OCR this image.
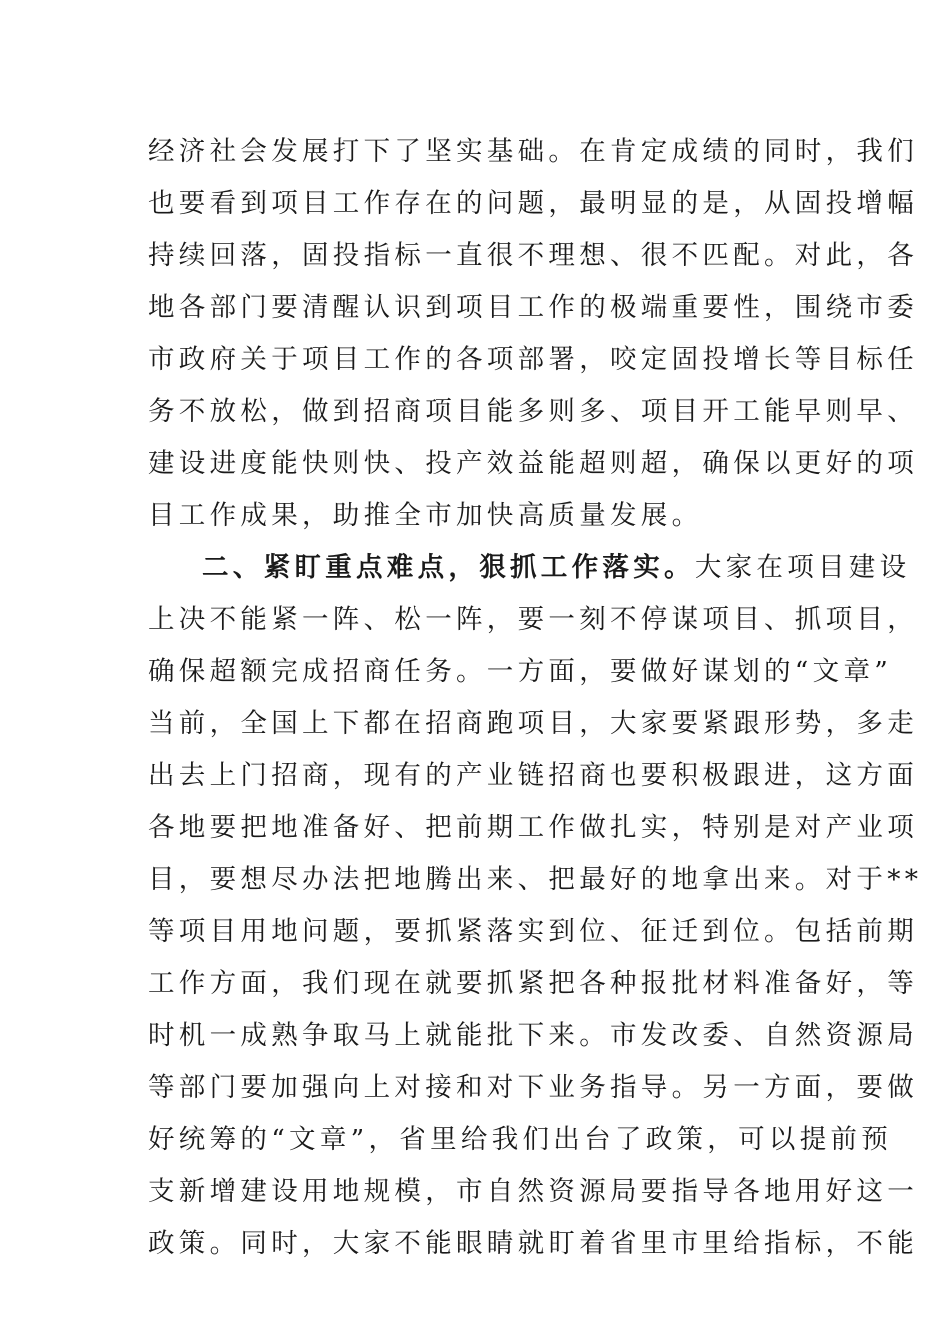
经济社会发展打下了坚实基础。在肯定成绩的同时，我们
也要看到项目工作存在的问题，最明显的是，从固投增幅
持续回落，固投指标一直很不理想、很不匹配。对此，各
地各部门要清醒认识到项目工作的极端重要性，围绕市委
市政府关于项目工作的各项部署，咬定固投增长等目标任
务不放松，做到招商项目能多则多、项目开工能早则早、
建设进度能快则快、投产效益能超则超，确保以更好的项
目工作成果，助推全市加快高质量发展。
二、紧盯重点难点，狠抓工作落实。大家在项目建设
上决不能紧一阵、松一阵，要一刻不停谋项目、抓项目，
确保超额完成招商任务。一方面，要做好谋划的“文章”
当前，全国上下都在招商跑项目，大家要紧跟形势，多走
出去上门招商，现有的产业链招商也要积极跟进，这方面
各地要把地准备好、把前期工作做扎实，特别是对产业项
目，要想尽办法把地腾出来、把最好的地拿出来。对于**
等项目用地问题，要抓紧落实到位、征迁到位。包括前期
工作方面，我们现在就要抓紧把各种报批材料准备好，等
时机一成熟争取马上就能批下来。市发改委、自然资源局
等部门要加强向上对接和对下业务指导。另一方面，要做
好统筹的“文章”，省里给我们出台了政策，可以提前预
支新增建设用地规模，市自然资源局要指导各地用好这一
政策。同时，大家不能眼睛就盯着省里市里给指标，不能
